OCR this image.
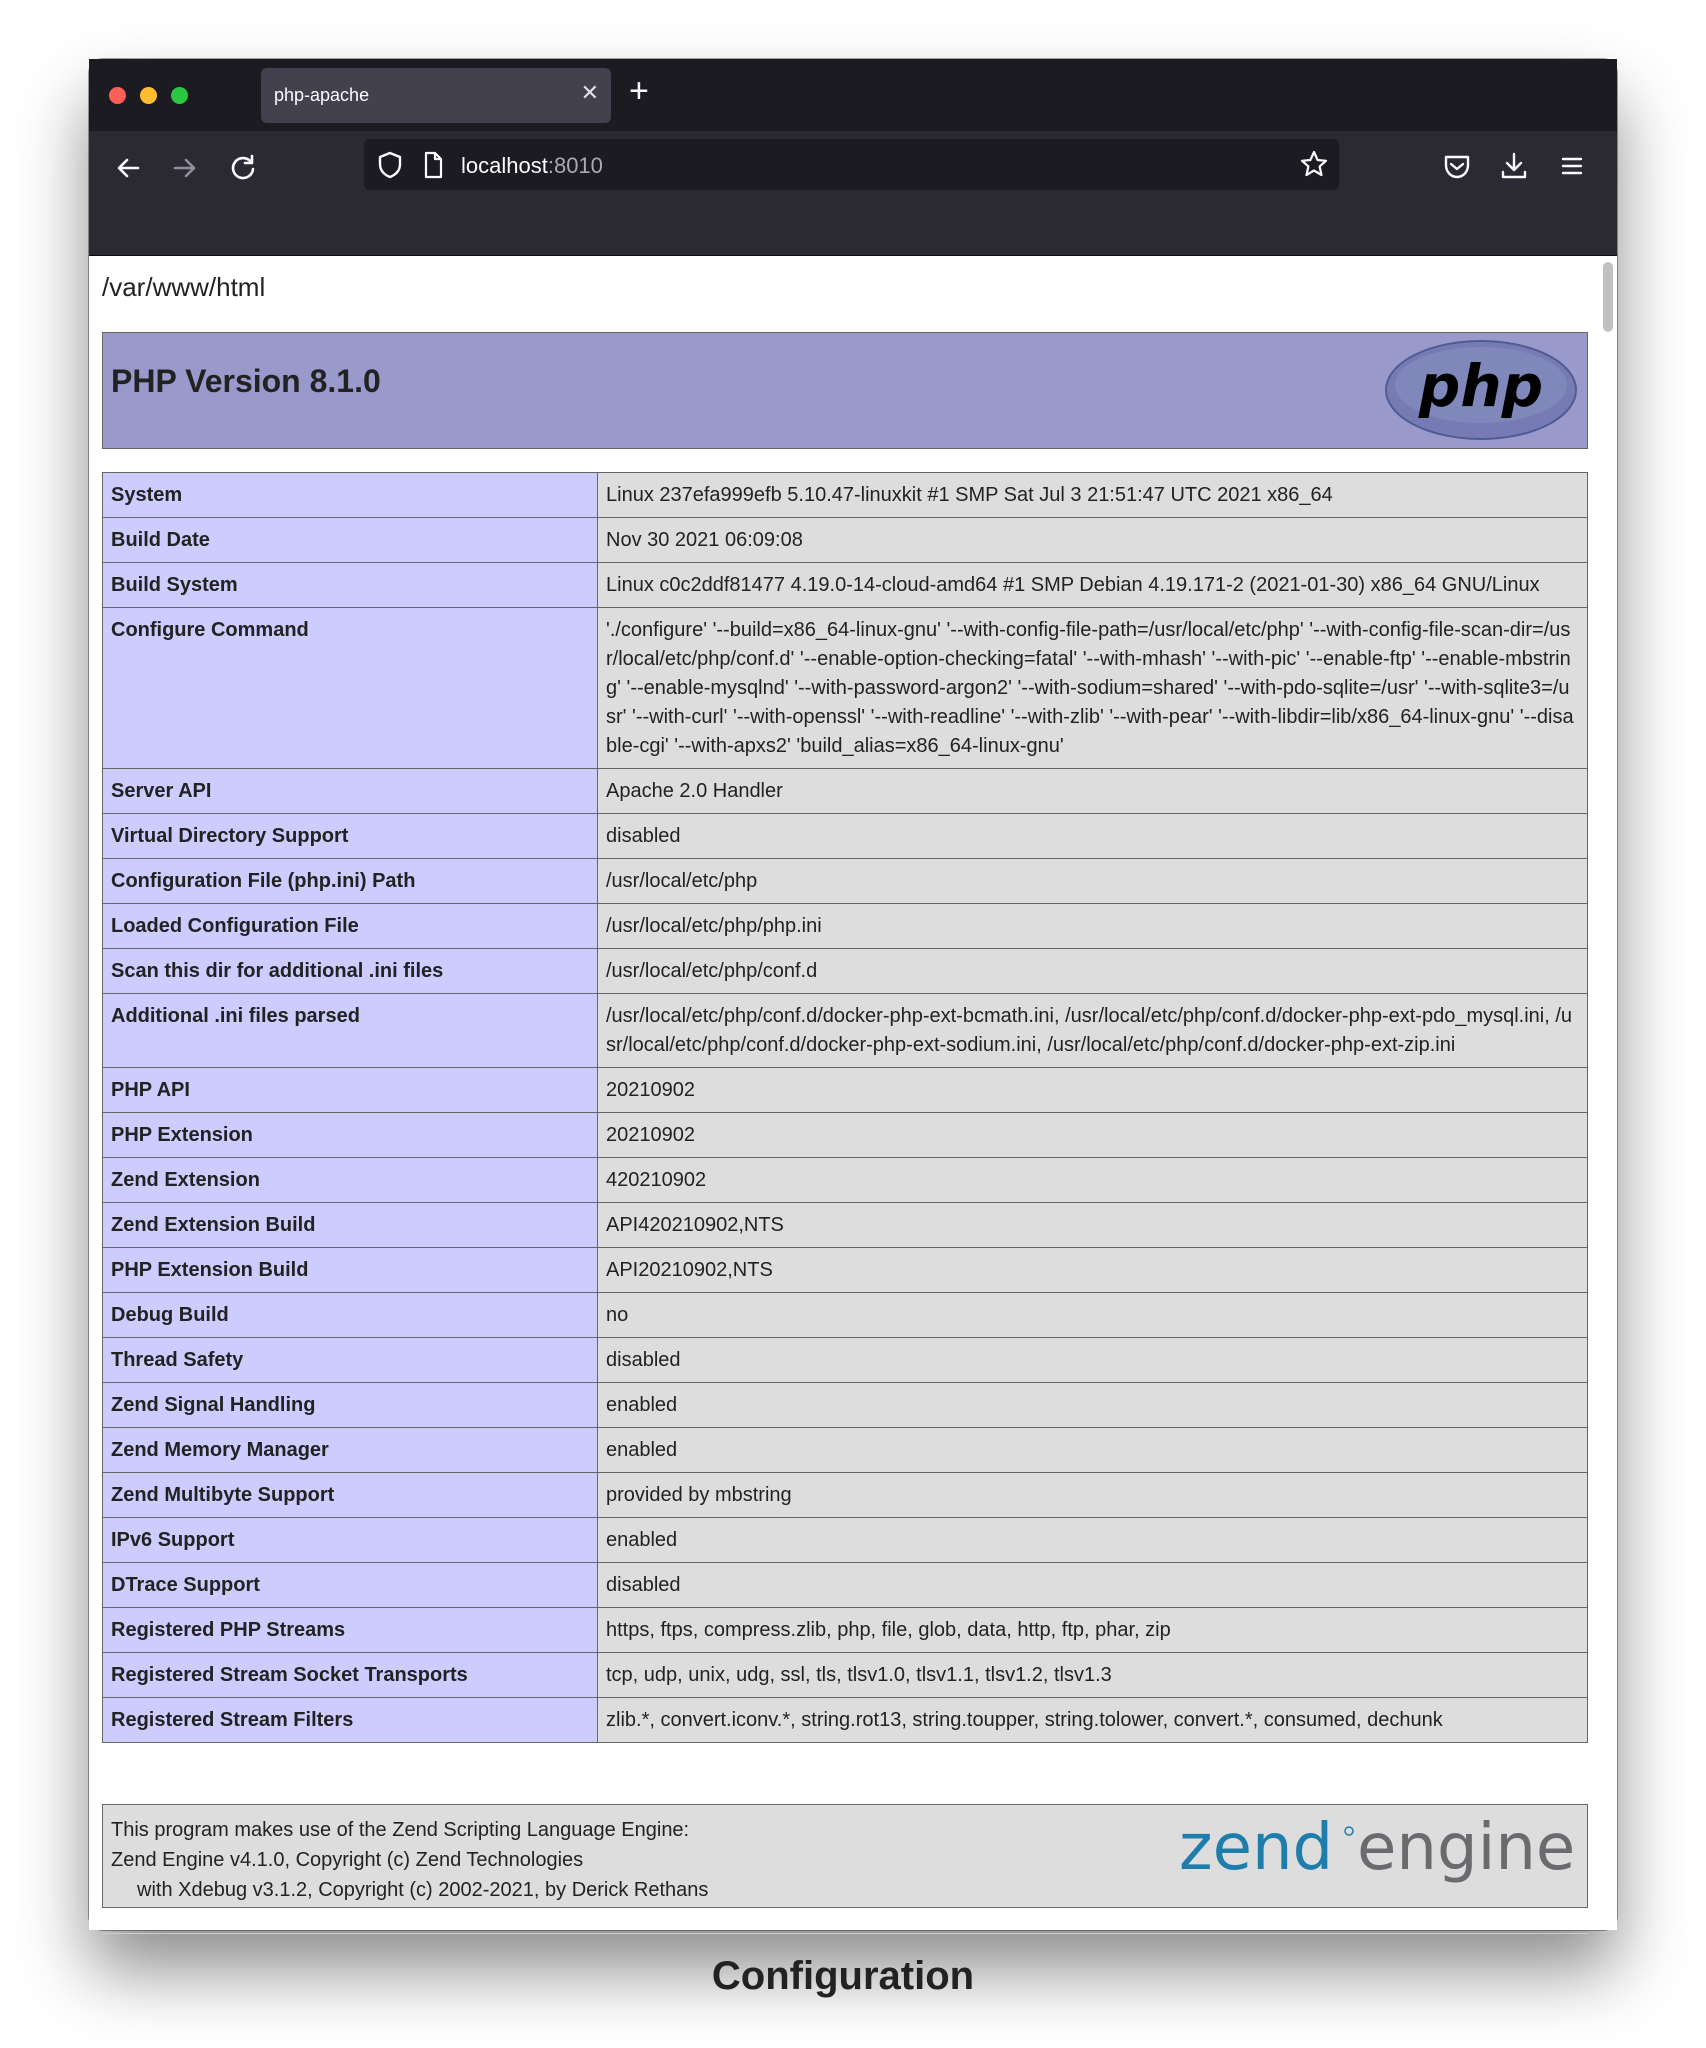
php-apache	✕ +
localhost:8010
/var/www/html
PHP Version 8.1.0	php
System	Linux 237efa999efb 5.10.47-linuxkit #1 SMP Sat Jul 3 21:51:47 UTC 2021 x86_64
Build Date	Nov 30 2021 06:09:08
Build System	Linux c0c2ddf81477 4.19.0-14-cloud-amd64 #1 SMP Debian 4.19.171-2 (2021-01-30) x86_64 GNU/Linux
Configure Command	'./configure' '--build=x86_64-linux-gnu' '--with-config-file-path=/usr/local/etc/php' '--with-config-file-scan-dir=/usr/local/etc/php/conf.d' '--enable-option-checking=fatal' '--with-mhash' '--with-pic' '--enable-ftp' '--enable-mbstring' '--enable-mysqlnd' '--with-password-argon2' '--with-sodium=shared' '--with-pdo-sqlite=/usr' '--with-sqlite3=/usr' '--with-curl' '--with-openssl' '--with-readline' '--with-zlib' '--with-pear' '--with-libdir=lib/x86_64-linux-gnu' '--disable-cgi' '--with-apxs2' 'build_alias=x86_64-linux-gnu'
Server API	Apache 2.0 Handler
Virtual Directory Support	disabled
Configuration File (php.ini) Path	/usr/local/etc/php
Loaded Configuration File	/usr/local/etc/php/php.ini
Scan this dir for additional .ini files	/usr/local/etc/php/conf.d
Additional .ini files parsed	/usr/local/etc/php/conf.d/docker-php-ext-bcmath.ini, /usr/local/etc/php/conf.d/docker-php-ext-pdo_mysql.ini, /usr/local/etc/php/conf.d/docker-php-ext-sodium.ini, /usr/local/etc/php/conf.d/docker-php-ext-zip.ini
PHP API	20210902
PHP Extension	20210902
Zend Extension	420210902
Zend Extension Build	API420210902,NTS
PHP Extension Build	API20210902,NTS
Debug Build	no
Thread Safety	disabled
Zend Signal Handling	enabled
Zend Memory Manager	enabled
Zend Multibyte Support	provided by mbstring
IPv6 Support	enabled
DTrace Support	disabled
Registered PHP Streams	https, ftps, compress.zlib, php, file, glob, data, http, ftp, phar, zip
Registered Stream Socket Transports	tcp, udp, unix, udg, ssl, tls, tlsv1.0, tlsv1.1, tlsv1.2, tlsv1.3
Registered Stream Filters	zlib.*, convert.iconv.*, string.rot13, string.toupper, string.tolower, convert.*, consumed, dechunk
This program makes use of the Zend Scripting Language Engine:
Zend Engine v4.1.0, Copyright (c) Zend Technologies
with Xdebug v3.1.2, Copyright (c) 2002-2021, by Derick Rethans
zend engine
Configuration
